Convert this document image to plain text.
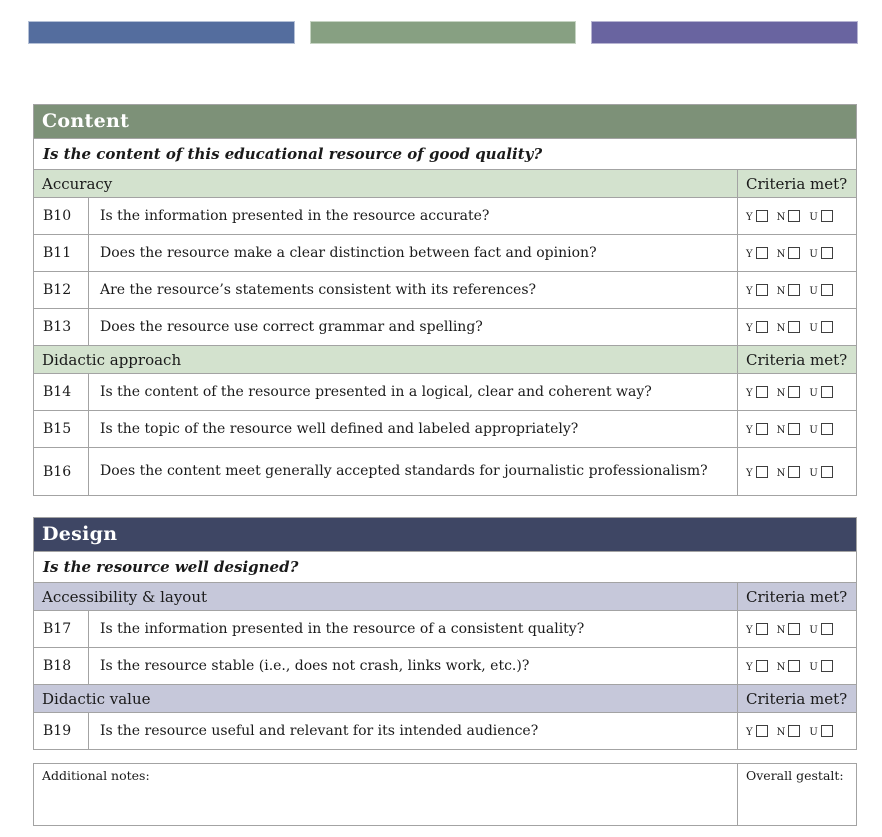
Content		
Is the content of this educational resource of good quality?		
Accuracy		Criteria met?
B10	Is the information presented in the resource accurate?	Y N U
B11	Does the resource make a clear distinction between fact and opinion?	Y N U
B12	Are the resource’s statements consistent with its references?	Y N U
B13	Does the resource use correct grammar and spelling?	Y N U
Didactic approach		Criteria met?
B14	Is the content of the resource presented in a logical, clear and coherent way?	Y N U
B15	Is the topic of the resource well defined and labeled appropriately?	Y N U
B16	Does the content meet generally accepted standards for journalistic professionalism?	Y N U
Design		
Is the resource well designed?		
Accessibility & layout		Criteria met?
B17	Is the information presented in the resource of a consistent quality?	Y N U
B18	Is the resource stable (i.e., does not crash, links work, etc.)?	Y N U
Didactic value		Criteria met?
B19	Is the resource useful and relevant for its intended audience?	Y N U
Additional notes:	Overall gestalt:
